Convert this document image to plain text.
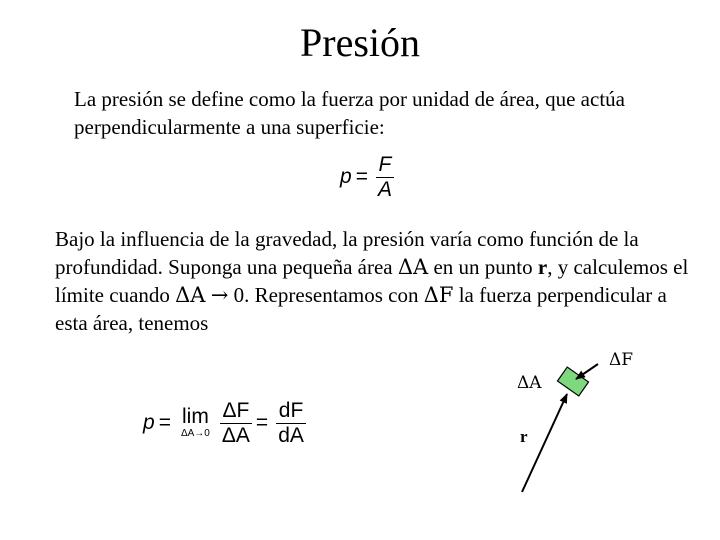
Presión
La presión se define como la fuerza por unidad de área, que actúa perpendicularmente a una superficie:
$p = \frac{F}{A}$
Bajo la influencia de la gravedad, la presión varía como función de la profundidad. Suponga una pequeña área ΔA en un punto r, y calculemos el límite cuando ΔA → 0. Representamos con ΔF la fuerza perpendicular a esta área, tenemos
p = lim
$\Delta A\to 0 \frac{\Delta F}{\Delta A} = \frac{dF}{dA}$
ΔA
ΔF
r
